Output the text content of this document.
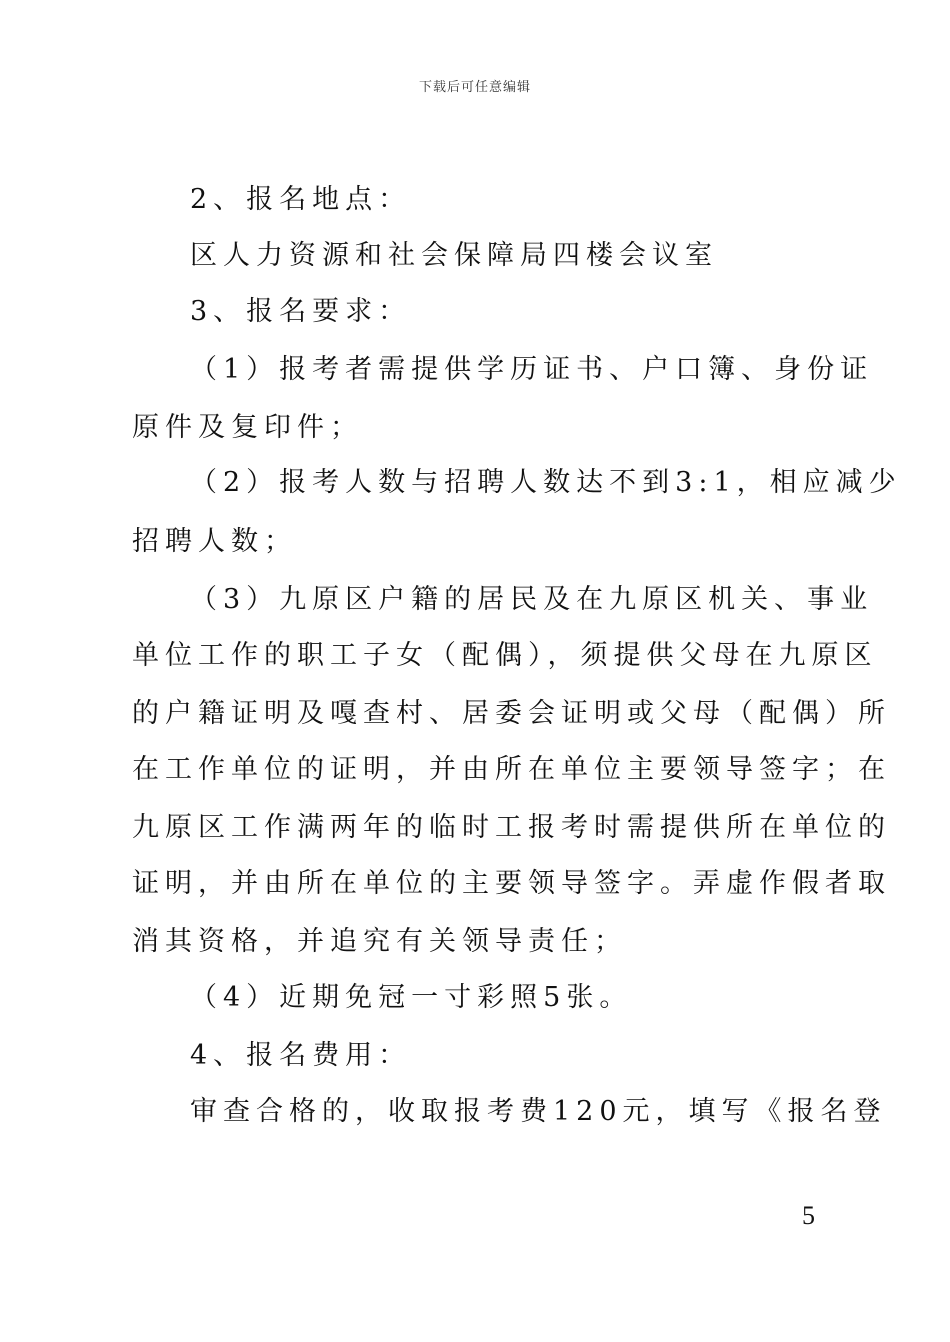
下载后可任意编辑
2、报名地点：
区人力资源和社会保障局四楼会议室
3、报名要求：
（1）报考者需提供学历证书、户口簿、身份证
原件及复印件；
（2）报考人数与招聘人数达不到3:1，相应减少
招聘人数；
（3）九原区户籍的居民及在九原区机关、事业
单位工作的职工子女（配偶），须提供父母在九原区
的户籍证明及嘎查村、居委会证明或父母（配偶）所
在工作单位的证明，并由所在单位主要领导签字；在
九原区工作满两年的临时工报考时需提供所在单位的
证明，并由所在单位的主要领导签字。弄虚作假者取
消其资格，并追究有关领导责任；
（4）近期免冠一寸彩照5张。
4、报名费用：
审查合格的，收取报考费120元，填写《报名登
5
